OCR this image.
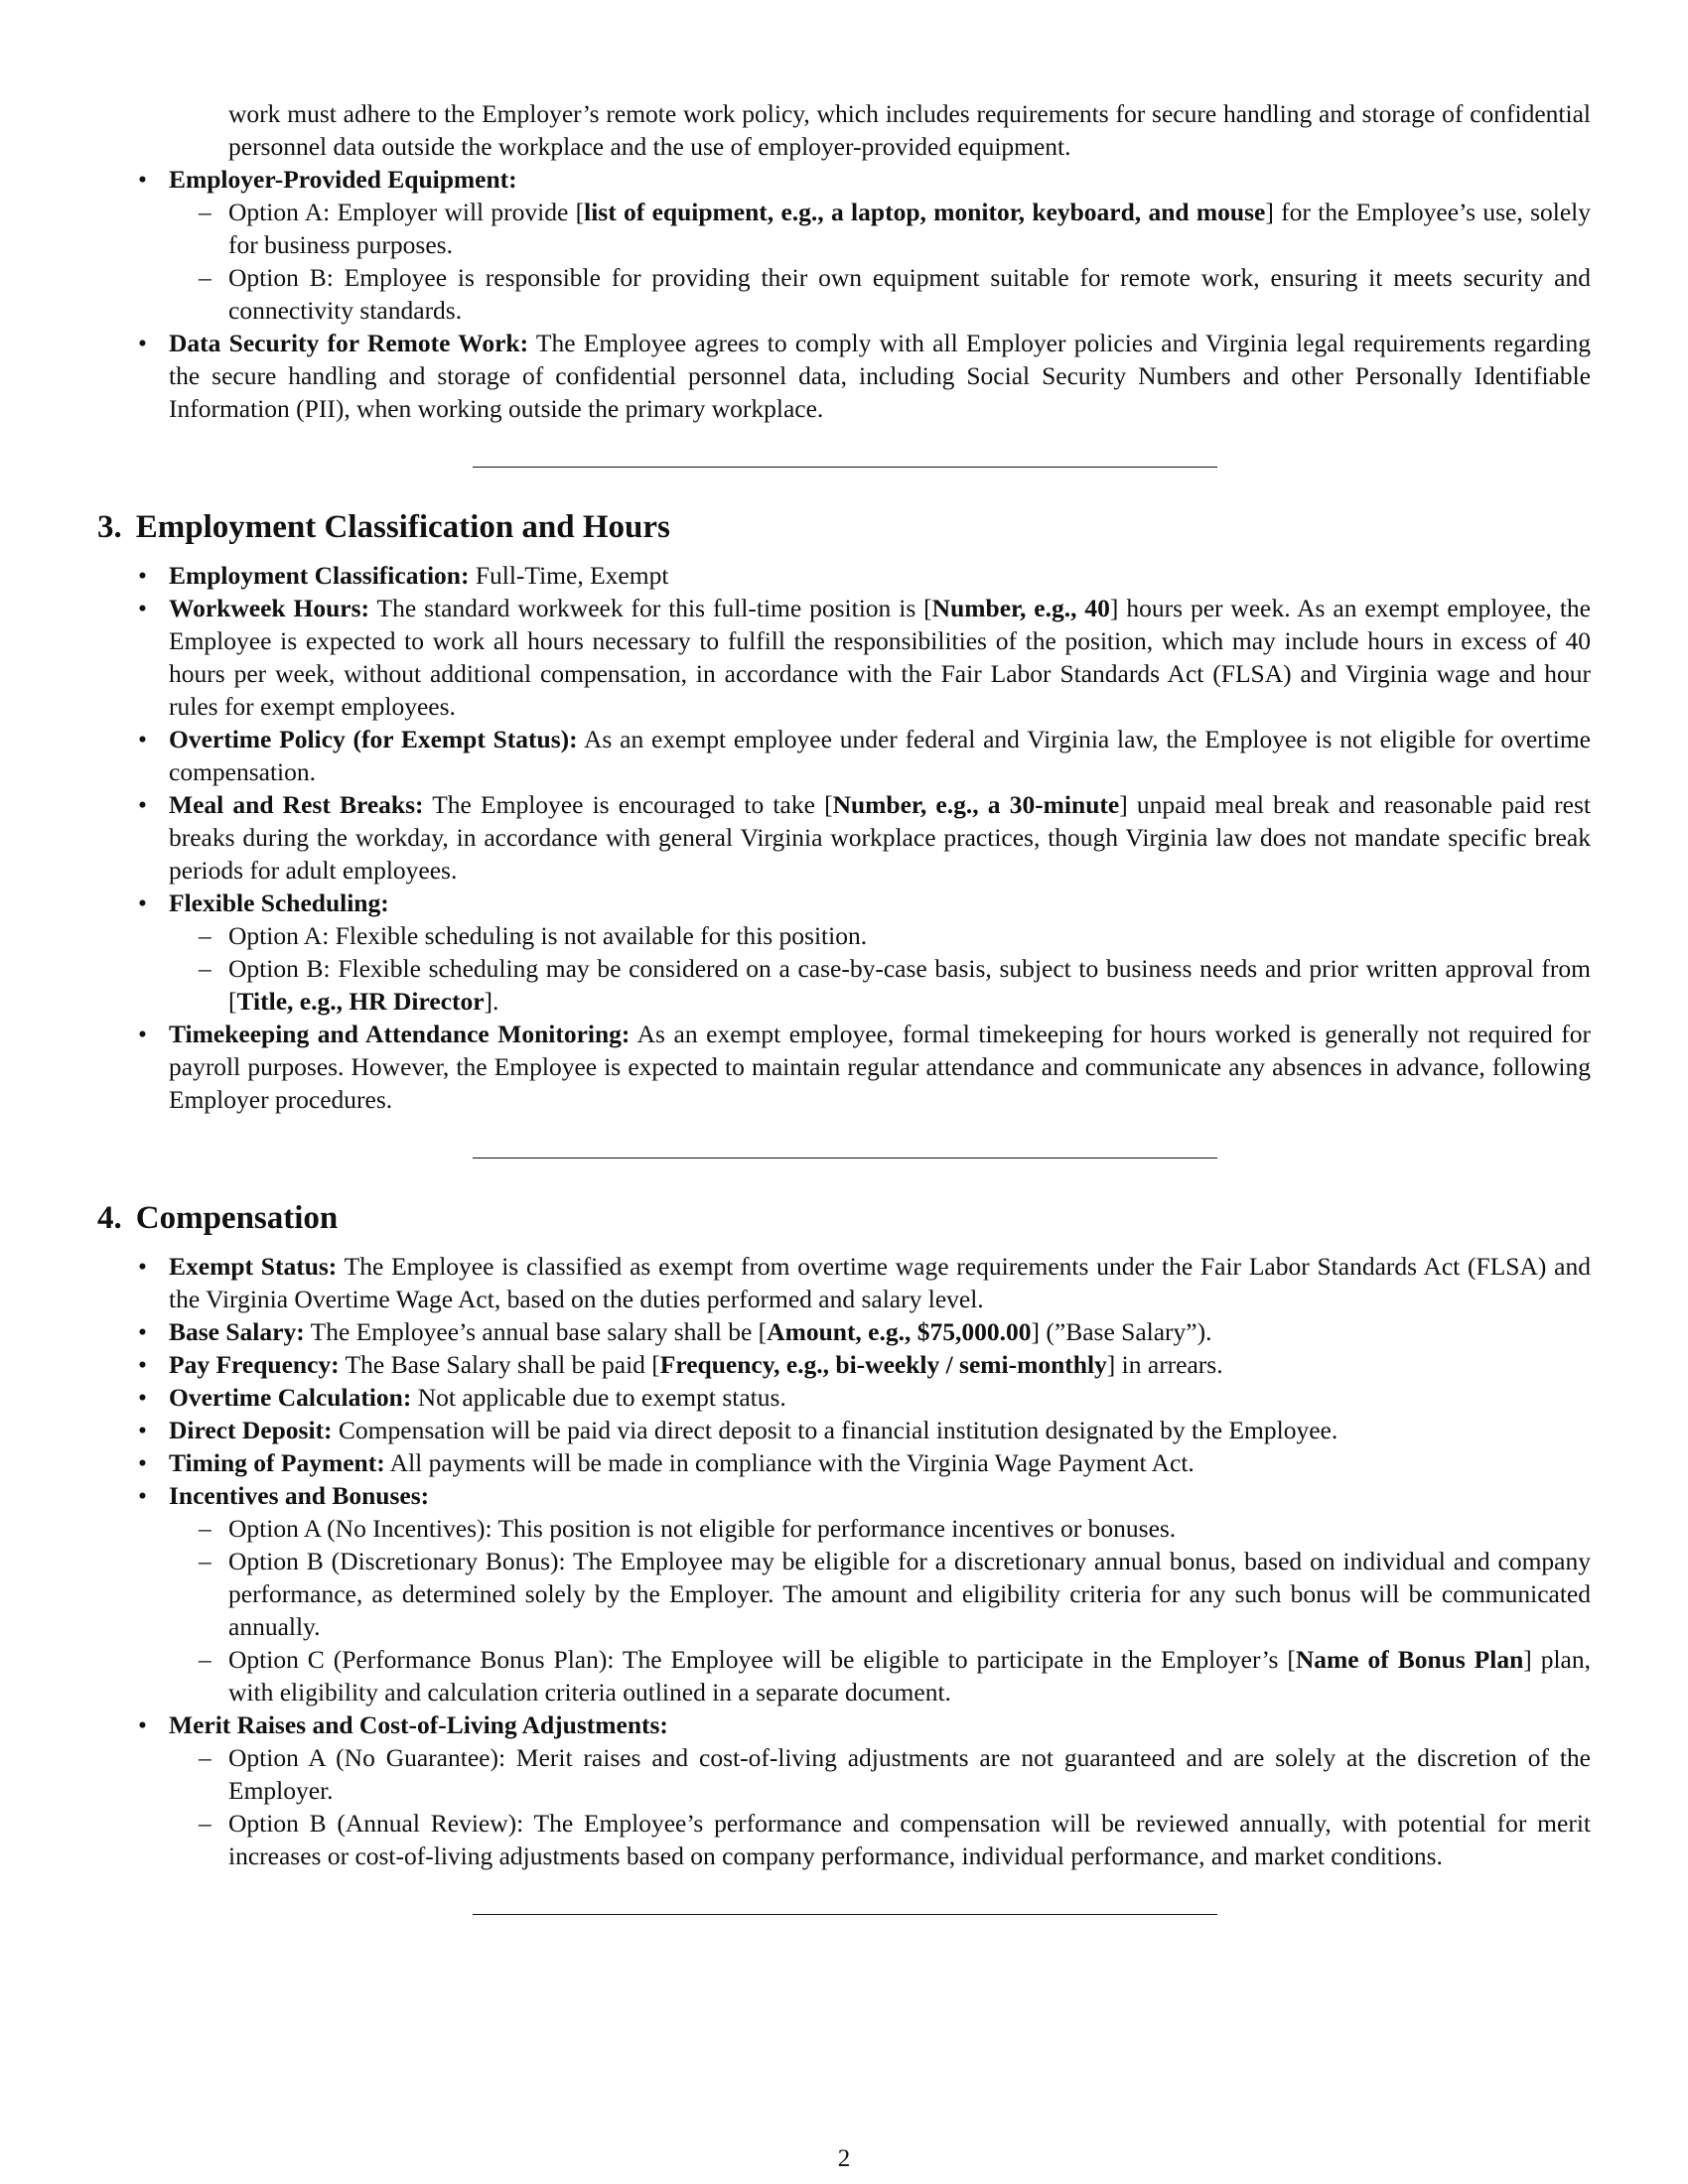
work must adhere to the Employer’s remote work policy, which includes requirements for secure handling and storage of confidential personnel data outside the workplace and the use of employer-provided equipment.
• Employer-Provided Equipment:
– Option A: Employer will provide [list of equipment, e.g., a laptop, monitor, keyboard, and mouse] for the Employee’s use, solely for business purposes.
– Option B: Employee is responsible for providing their own equipment suitable for remote work, ensuring it meets security and connectivity standards.
• Data Security for Remote Work: The Employee agrees to comply with all Employer policies and Virginia legal requirements regarding the secure handling and storage of confidential personnel data, including Social Security Numbers and other Personally Identifiable Information (PII), when working outside the primary workplace.
3. Employment Classification and Hours
• Employment Classification: Full-Time, Exempt
• Workweek Hours: The standard workweek for this full-time position is [Number, e.g., 40] hours per week. As an exempt employee, the Employee is expected to work all hours necessary to fulfill the responsibilities of the position, which may include hours in excess of 40 hours per week, without additional compensation, in accordance with the Fair Labor Standards Act (FLSA) and Virginia wage and hour rules for exempt employees.
• Overtime Policy (for Exempt Status): As an exempt employee under federal and Virginia law, the Employee is not eligible for overtime compensation.
• Meal and Rest Breaks: The Employee is encouraged to take [Number, e.g., a 30-minute] unpaid meal break and reasonable paid rest breaks during the workday, in accordance with general Virginia workplace practices, though Virginia law does not mandate specific break periods for adult employees.
• Flexible Scheduling:
– Option A: Flexible scheduling is not available for this position.
– Option B: Flexible scheduling may be considered on a case-by-case basis, subject to business needs and prior written approval from [Title, e.g., HR Director].
• Timekeeping and Attendance Monitoring: As an exempt employee, formal timekeeping for hours worked is generally not required for payroll purposes. However, the Employee is expected to maintain regular attendance and communicate any absences in advance, following Employer procedures.
4. Compensation
• Exempt Status: The Employee is classified as exempt from overtime wage requirements under the Fair Labor Standards Act (FLSA) and the Virginia Overtime Wage Act, based on the duties performed and salary level.
• Base Salary: The Employee’s annual base salary shall be [Amount, e.g., $75,000.00] (”Base Salary”).
• Pay Frequency: The Base Salary shall be paid [Frequency, e.g., bi-weekly / semi-monthly] in arrears.
• Overtime Calculation: Not applicable due to exempt status.
• Direct Deposit: Compensation will be paid via direct deposit to a financial institution designated by the Employee.
• Timing of Payment: All payments will be made in compliance with the Virginia Wage Payment Act.
• Incentives and Bonuses:
– Option A (No Incentives): This position is not eligible for performance incentives or bonuses.
– Option B (Discretionary Bonus): The Employee may be eligible for a discretionary annual bonus, based on individual and company performance, as determined solely by the Employer. The amount and eligibility criteria for any such bonus will be communicated annually.
– Option C (Performance Bonus Plan): The Employee will be eligible to participate in the Employer’s [Name of Bonus Plan] plan, with eligibility and calculation criteria outlined in a separate document.
• Merit Raises and Cost-of-Living Adjustments:
– Option A (No Guarantee): Merit raises and cost-of-living adjustments are not guaranteed and are solely at the discretion of the Employer.
– Option B (Annual Review): The Employee’s performance and compensation will be reviewed annually, with potential for merit increases or cost-of-living adjustments based on company performance, individual performance, and market conditions.
2
